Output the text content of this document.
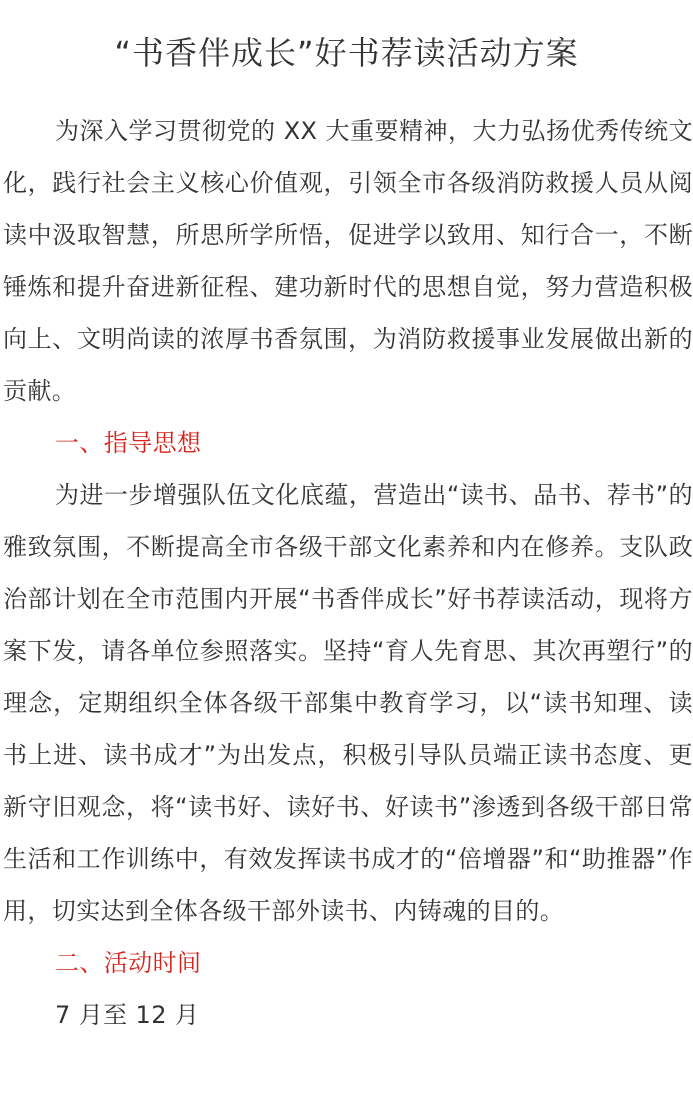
“书香伴成长”好书荐读活动方案

为深入学习贯彻党的 XX 大重要精神，大力弘扬优秀传统文化，践行社会主义核心价值观，引领全市各级消防救援人员从阅读中汲取智慧，所思所学所悟，促进学以致用、知行合一，不断锤炼和提升奋进新征程、建功新时代的思想自觉，努力营造积极向上、文明尚读的浓厚书香氛围，为消防救援事业发展做出新的贡献。

一、指导思想

为进一步增强队伍文化底蕴，营造出“读书、品书、荐书”的雅致氛围，不断提高全市各级干部文化素养和内在修养。支队政治部计划在全市范围内开展“书香伴成长”好书荐读活动，现将方案下发，请各单位参照落实。坚持“育人先育思、其次再塑行”的理念，定期组织全体各级干部集中教育学习，以“读书知理、读书上进、读书成才”为出发点，积极引导队员端正读书态度、更新守旧观念，将“读书好、读好书、好读书”渗透到各级干部日常生活和工作训练中，有效发挥读书成才的“倍增器”和“助推器”作用，切实达到全体各级干部外读书、内铸魂的目的。

二、活动时间

7 月至 12 月
